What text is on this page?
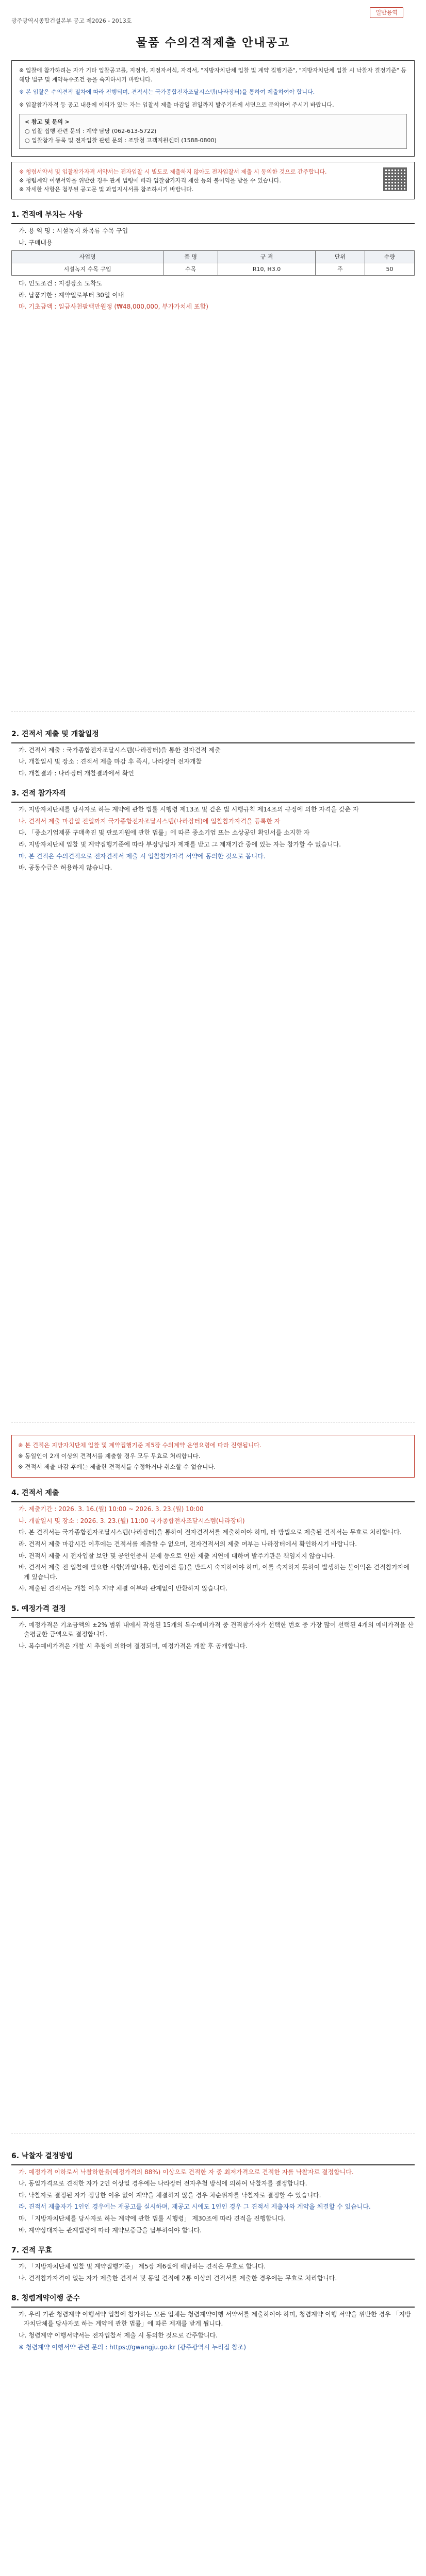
일반용역
광주광역시종합건설본부 공고 제2026 - 2013호
물품 수의견적제출 안내공고

※ 입찰에 참가하려는 자가 기타 입찰공고를, 지정자, 지정자서식, 자격서, "지방자치단체 입찰 및 계약 집행기준", "지방자치단체 입찰 시 낙찰자 결정기준" 등 해당 법규 및 계약특수조건 등을 숙지하시기 바랍니다.

※ 본 입찰은 수의견적 절차에 따라 진행되며, 견적서는 국가종합전자조달시스템(나라장터)을 통하여 제출하여야 합니다.

※ 입찰참가자격 등 공고 내용에 이의가 있는 자는 입찰서 제출 마감일 전일까지 발주기관에 서면으로 문의하여 주시기 바랍니다.

< 참고 및 문의 >
○ 입찰 집행 관련 문의 : 계약 담당 (062-613-5722)
○ 입찰참가 등록 및 전자입찰 관련 문의 : 조달청 고객지원센터 (1588-0800)

※ 청렴서약서 및 입찰참가자격 서약서는 전자입찰 시 별도로 제출하지 않아도 전자입찰서 제출 시 동의한 것으로 간주합니다.

※ 청렴계약 이행서약을 위반한 경우 관계 법령에 따라 입찰참가자격 제한 등의 불이익을 받을 수 있습니다.

※ 자세한 사항은 첨부된 공고문 및 과업지시서를 참조하시기 바랍니다.

1. 견적에 부치는 사항

가. 용 역 명 : 시설녹지 화목류 수목 구입

나. 구매내용

사업명	품 명	규 격	단위	수량
시설녹지 수목 구입	수목	R10, H3.0	주	50

다. 인도조건 : 지정장소 도착도

라. 납품기한 : 계약일로부터 30일 이내

마. 기초금액 : 일금사천팔백만원정 (₩48,000,000, 부가가치세 포함)

2. 견적서 제출 및 개찰일정

가. 견적서 제출 : 국가종합전자조달시스템(나라장터)을 통한 전자견적 제출

나. 개찰일시 및 장소 : 견적서 제출 마감 후 즉시, 나라장터 전자개찰

다. 개찰결과 : 나라장터 개찰결과에서 확인

3. 견적 참가자격

가. 지방자치단체를 당사자로 하는 계약에 관한 법률 시행령 제13조 및 같은 법 시행규칙 제14조의 규정에 의한 자격을 갖춘 자

나. 견적서 제출 마감일 전일까지 국가종합전자조달시스템(나라장터)에 입찰참가자격을 등록한 자

다. 「중소기업제품 구매촉진 및 판로지원에 관한 법률」에 따른 중소기업 또는 소상공인 확인서를 소지한 자

라. 지방자치단체 입찰 및 계약집행기준에 따라 부정당업자 제재를 받고 그 제재기간 중에 있는 자는 참가할 수 없습니다.

마. 본 견적은 수의견적으로 전자견적서 제출 시 입찰참가자격 서약에 동의한 것으로 봅니다.

바. 공동수급은 허용하지 않습니다.

※ 본 견적은 지방자치단체 입찰 및 계약집행기준 제5장 수의계약 운영요령에 따라 진행됩니다.

※ 동일인이 2개 이상의 견적서를 제출할 경우 모두 무효로 처리합니다.

※ 견적서 제출 마감 후에는 제출한 견적서를 수정하거나 취소할 수 없습니다.

4. 견적서 제출

가. 제출기간 : 2026. 3. 16.(월) 10:00 ~ 2026. 3. 23.(월) 10:00

나. 개찰일시 및 장소 : 2026. 3. 23.(월) 11:00 국가종합전자조달시스템(나라장터)

다. 본 견적서는 국가종합전자조달시스템(나라장터)을 통하여 전자견적서를 제출하여야 하며, 타 방법으로 제출된 견적서는 무효로 처리합니다.

라. 견적서 제출 마감시간 이후에는 견적서를 제출할 수 없으며, 전자견적서의 제출 여부는 나라장터에서 확인하시기 바랍니다.

마. 견적서 제출 시 전자입찰 보안 및 공인인증서 문제 등으로 인한 제출 지연에 대하여 발주기관은 책임지지 않습니다.

바. 견적서 제출 전 입찰에 필요한 사항(과업내용, 현장여건 등)을 반드시 숙지하여야 하며, 이를 숙지하지 못하여 발생하는 불이익은 견적참가자에게 있습니다.

사. 제출된 견적서는 개찰 이후 계약 체결 여부와 관계없이 반환하지 않습니다.

5. 예정가격 결정

가. 예정가격은 기초금액의 ±2% 범위 내에서 작성된 15개의 복수예비가격 중 견적참가자가 선택한 번호 중 가장 많이 선택된 4개의 예비가격을 산술평균한 금액으로 결정합니다.

나. 복수예비가격은 개찰 시 추첨에 의하여 결정되며, 예정가격은 개찰 후 공개합니다.

6. 낙찰자 결정방법

가. 예정가격 이하로서 낙찰하한율(예정가격의 88%) 이상으로 견적한 자 중 최저가격으로 견적한 자를 낙찰자로 결정합니다.

나. 동일가격으로 견적한 자가 2인 이상일 경우에는 나라장터 전자추첨 방식에 의하여 낙찰자를 결정합니다.

다. 낙찰자로 결정된 자가 정당한 이유 없이 계약을 체결하지 않을 경우 차순위자를 낙찰자로 결정할 수 있습니다.

라. 견적서 제출자가 1인인 경우에는 재공고를 실시하며, 재공고 시에도 1인인 경우 그 견적서 제출자와 계약을 체결할 수 있습니다.

마. 「지방자치단체를 당사자로 하는 계약에 관한 법률 시행령」 제30조에 따라 견적을 진행합니다.

바. 계약상대자는 관계법령에 따라 계약보증금을 납부하여야 합니다.

7. 견적 무효

가. 「지방자치단체 입찰 및 계약집행기준」 제5장 제6절에 해당하는 견적은 무효로 합니다.

나. 견적참가자격이 없는 자가 제출한 견적서 및 동일 견적에 2통 이상의 견적서를 제출한 경우에는 무효로 처리합니다.

8. 청렴계약이행 준수

가. 우리 기관 청렴계약 이행서약 입찰에 참가하는 모든 업체는 청렴계약이행 서약서를 제출하여야 하며, 청렴계약 이행 서약을 위반한 경우 「지방자치단체를 당사자로 하는 계약에 관한 법률」에 따른 제재를 받게 됩니다.

나. 청렴계약 이행서약서는 전자입찰서 제출 시 동의한 것으로 간주합니다.

※ 청렴계약 이행서약 관련 문의 : https://gwangju.go.kr (광주광역시 누리집 참조)
